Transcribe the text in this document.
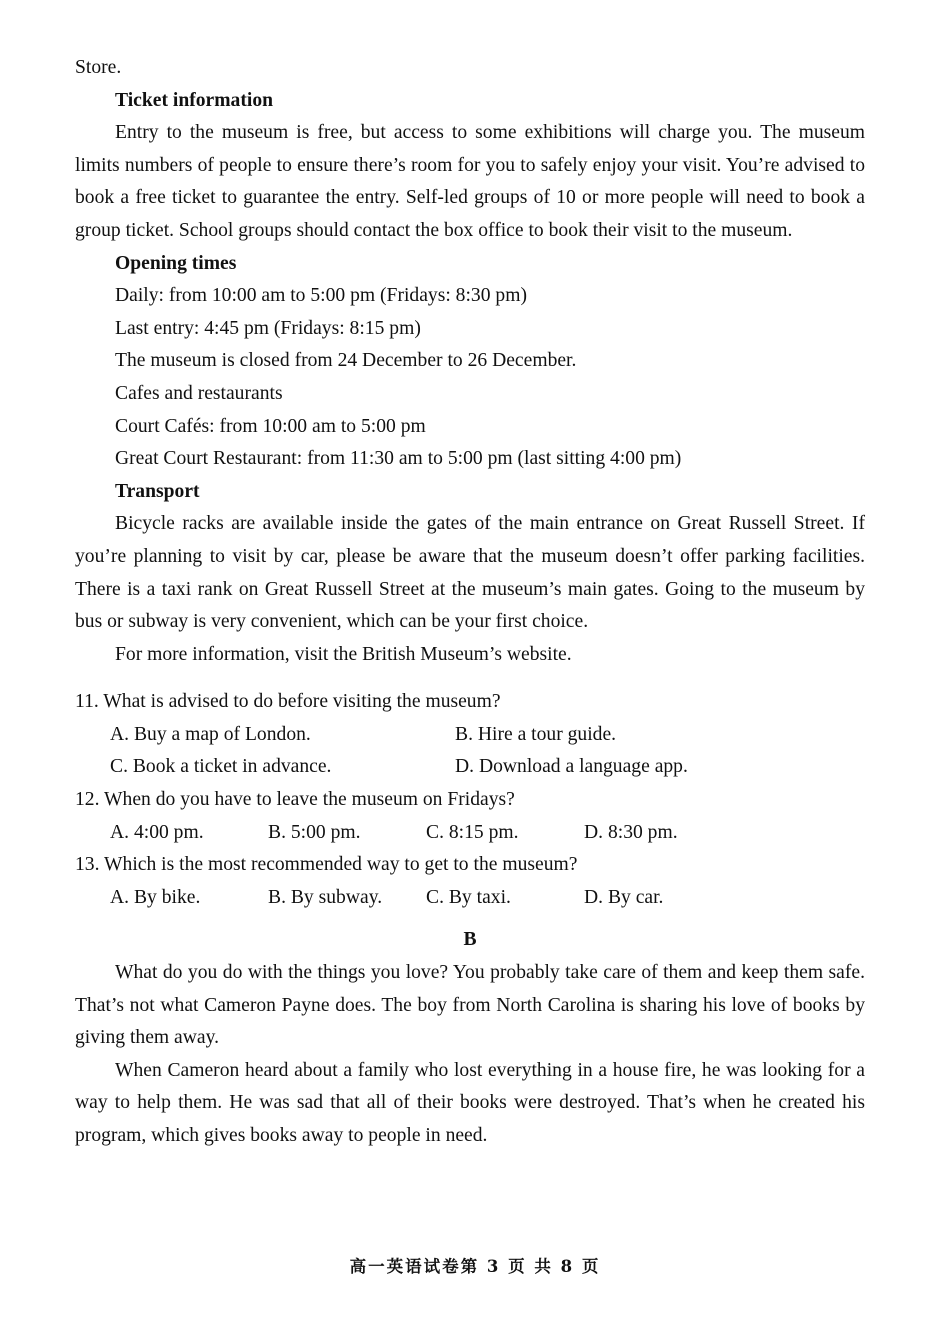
Store.

Ticket information

Entry to the museum is free, but access to some exhibitions will charge you. The museum limits numbers of people to ensure there’s room for you to safely enjoy your visit. You’re advised to book a free ticket to guarantee the entry. Self-led groups of 10 or more people will need to book a group ticket. School groups should contact the box office to book their visit to the museum.

Opening times

Daily: from 10:00 am to 5:00 pm (Fridays: 8:30 pm)

Last entry: 4:45 pm (Fridays: 8:15 pm)

The museum is closed from 24 December to 26 December.

Cafes and restaurants

Court Cafés: from 10:00 am to 5:00 pm

Great Court Restaurant: from 11:30 am to 5:00 pm (last sitting 4:00 pm)

Transport

Bicycle racks are available inside the gates of the main entrance on Great Russell Street. If you’re planning to visit by car, please be aware that the museum doesn’t offer parking facilities. There is a taxi rank on Great Russell Street at the museum’s main gates. Going to the museum by bus or subway is very convenient, which can be your first choice.

For more information, visit the British Museum’s website.

11. What is advised to do before visiting the museum?

A. Buy a map of London.	B. Hire a tour guide.
C. Book a ticket in advance.	D. Download a language app.

12. When do you have to leave the museum on Fridays?

A. 4:00 pm.	B. 5:00 pm.	C. 8:15 pm.	D. 8:30 pm.

13. Which is the most recommended way to get to the museum?

A. By bike.	B. By subway.	C. By taxi.	D. By car.

B

What do you do with the things you love? You probably take care of them and keep them safe. That’s not what Cameron Payne does. The boy from North Carolina is sharing his love of books by giving them away.

When Cameron heard about a family who lost everything in a house fire, he was looking for a way to help them. He was sad that all of their books were destroyed. That’s when he created his program, which gives books away to people in need.

高一英语试卷第 3 页 共 8 页
